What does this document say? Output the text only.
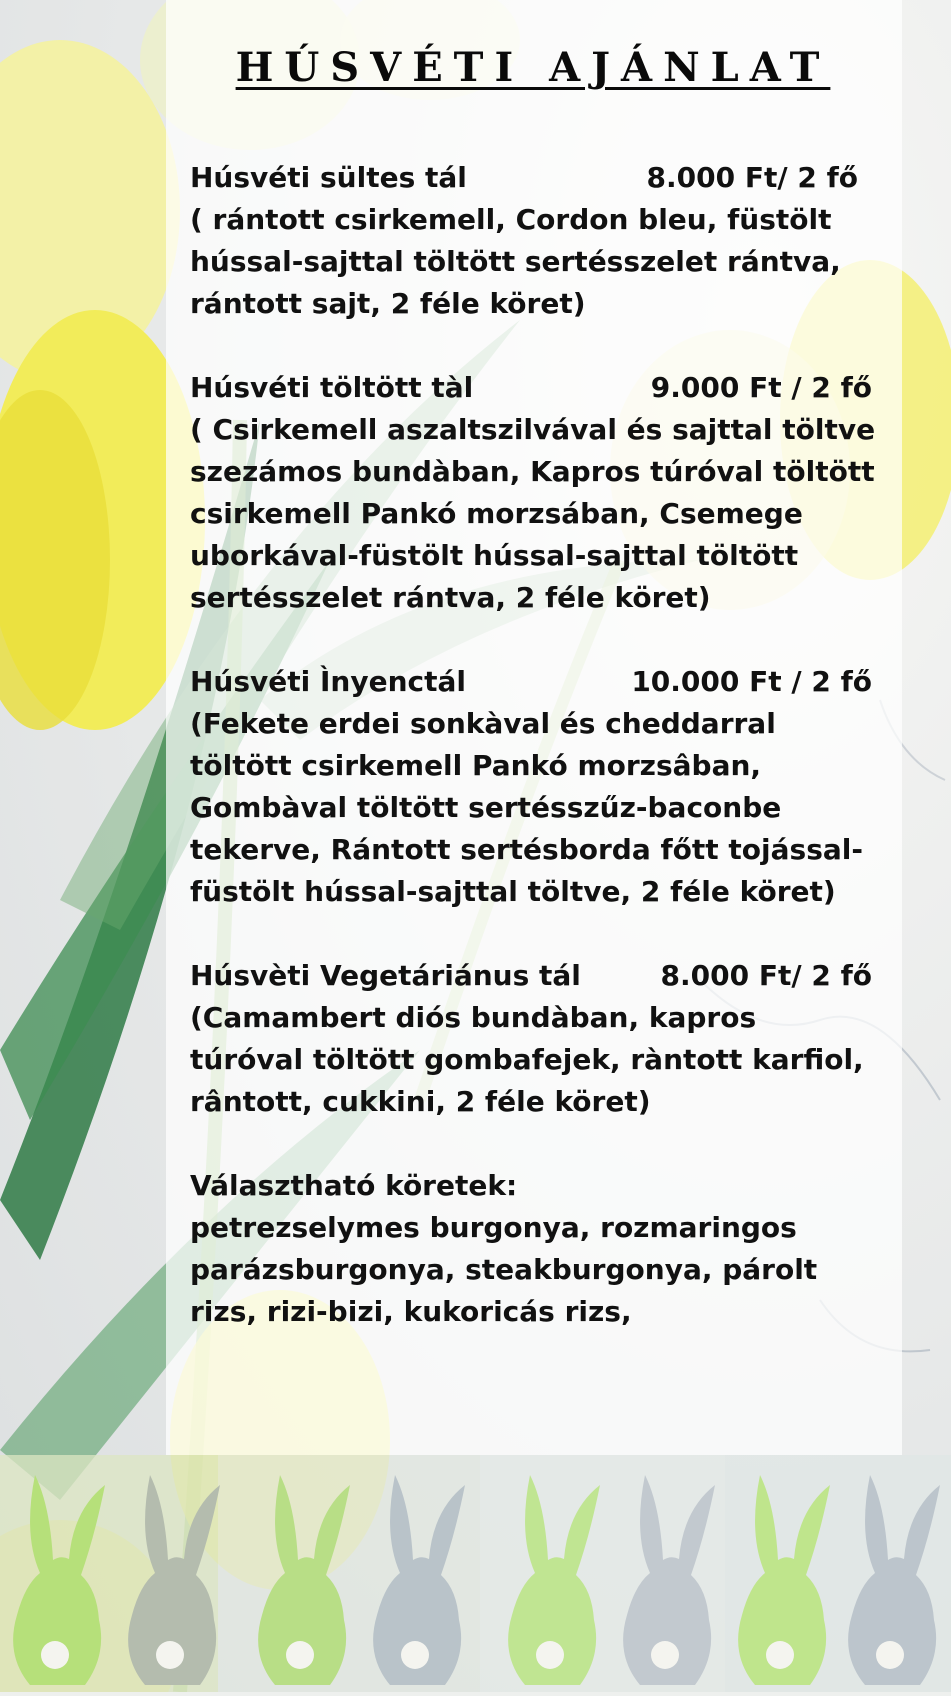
HÚSVÉTI AJÁNLAT
Húsvéti sültes tál	8.000 Ft/ 2 fő
( rántott csirkemell, Cordon bleu, füstölt
hússal-sajttal töltött sertésszelet rántva,
rántott sajt, 2 féle köret)
Húsvéti töltött tàl	9.000 Ft / 2 fő
( Csirkemell aszaltszilvával és sajttal töltve
szezámos bundàban, Kapros túróval töltött
csirkemell Pankó morzsában, Csemege
uborkával-füstölt hússal-sajttal töltött
sertésszelet rántva, 2 féle köret)
Húsvéti Ìnyenctál	10.000 Ft / 2 fő
(Fekete erdei sonkàval és cheddarral
töltött csirkemell Pankó morzsâban,
Gombàval töltött sertésszűz-baconbe
tekerve, Rántott sertésborda főtt tojással-
füstölt hússal-sajttal töltve, 2 féle köret)
Húsvèti Vegetáriánus tál	8.000 Ft/ 2 fő
(Camambert diós bundàban, kapros
túróval töltött gombafejek, ràntott karfiol,
rântott, cukkini, 2 féle köret)
Választható köretek:
petrezselymes burgonya, rozmaringos
parázsburgonya, steakburgonya, párolt
rizs, rizi-bizi, kukoricás rizs,
